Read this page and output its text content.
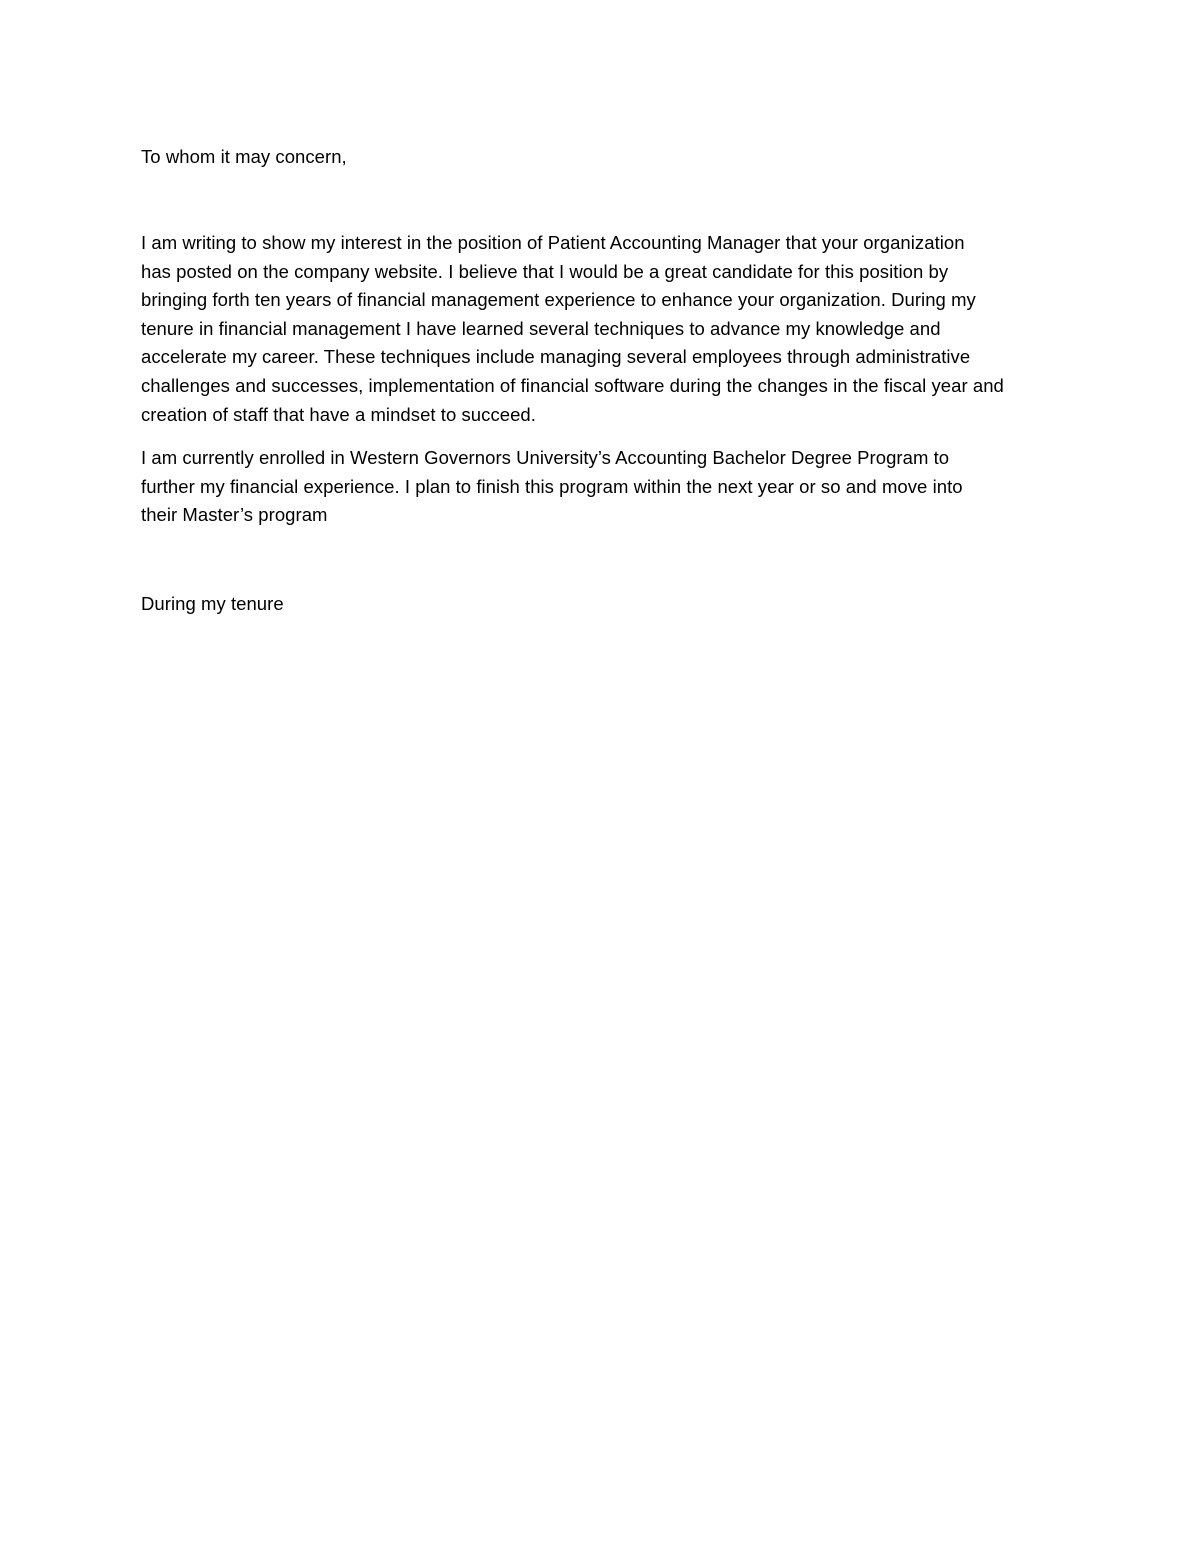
To whom it may concern,

I am writing to show my interest in the position of Patient Accounting Manager that your organization
has posted on the company website. I believe that I would be a great candidate for this position by
bringing forth ten years of financial management experience to enhance your organization. During my
tenure in financial management I have learned several techniques to advance my knowledge and
accelerate my career. These techniques include managing several employees through administrative
challenges and successes, implementation of financial software during the changes in the fiscal year and
creation of staff that have a mindset to succeed.
I am currently enrolled in Western Governors University’s Accounting Bachelor Degree Program to
further my financial experience. I plan to finish this program within the next year or so and move into
their Master’s program

During my tenure
